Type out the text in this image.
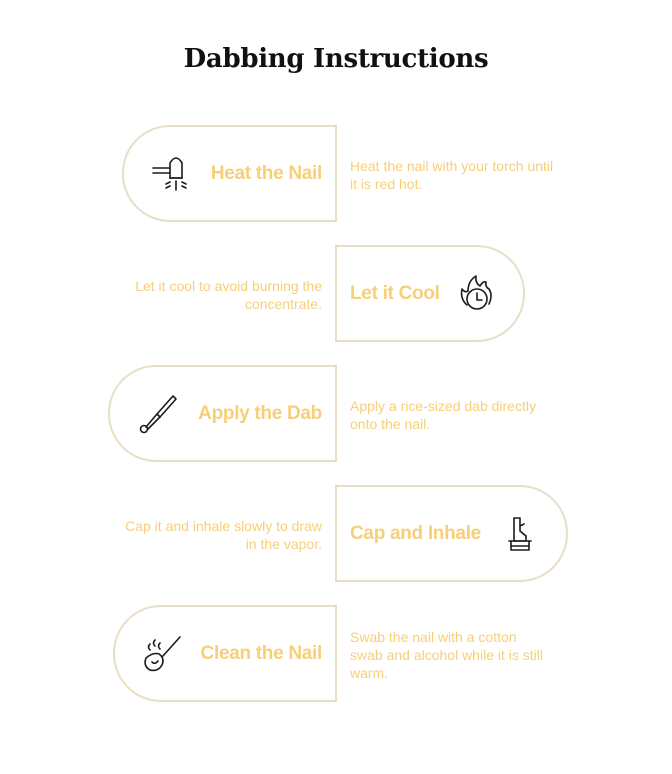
Dabbing Instructions
Heat the Nail Heat the nail with your torch until it is red hot.
Let it Cool
Let it cool to avoid burning the concentrate.
Apply the Dab Apply a rice-sized dab directly onto the nail.
Cap and Inhale
Cap it and inhale slowly to draw in the vapor.
Clean the Nail
Swab the nail with a cotton swab and alcohol while it is still warm.
